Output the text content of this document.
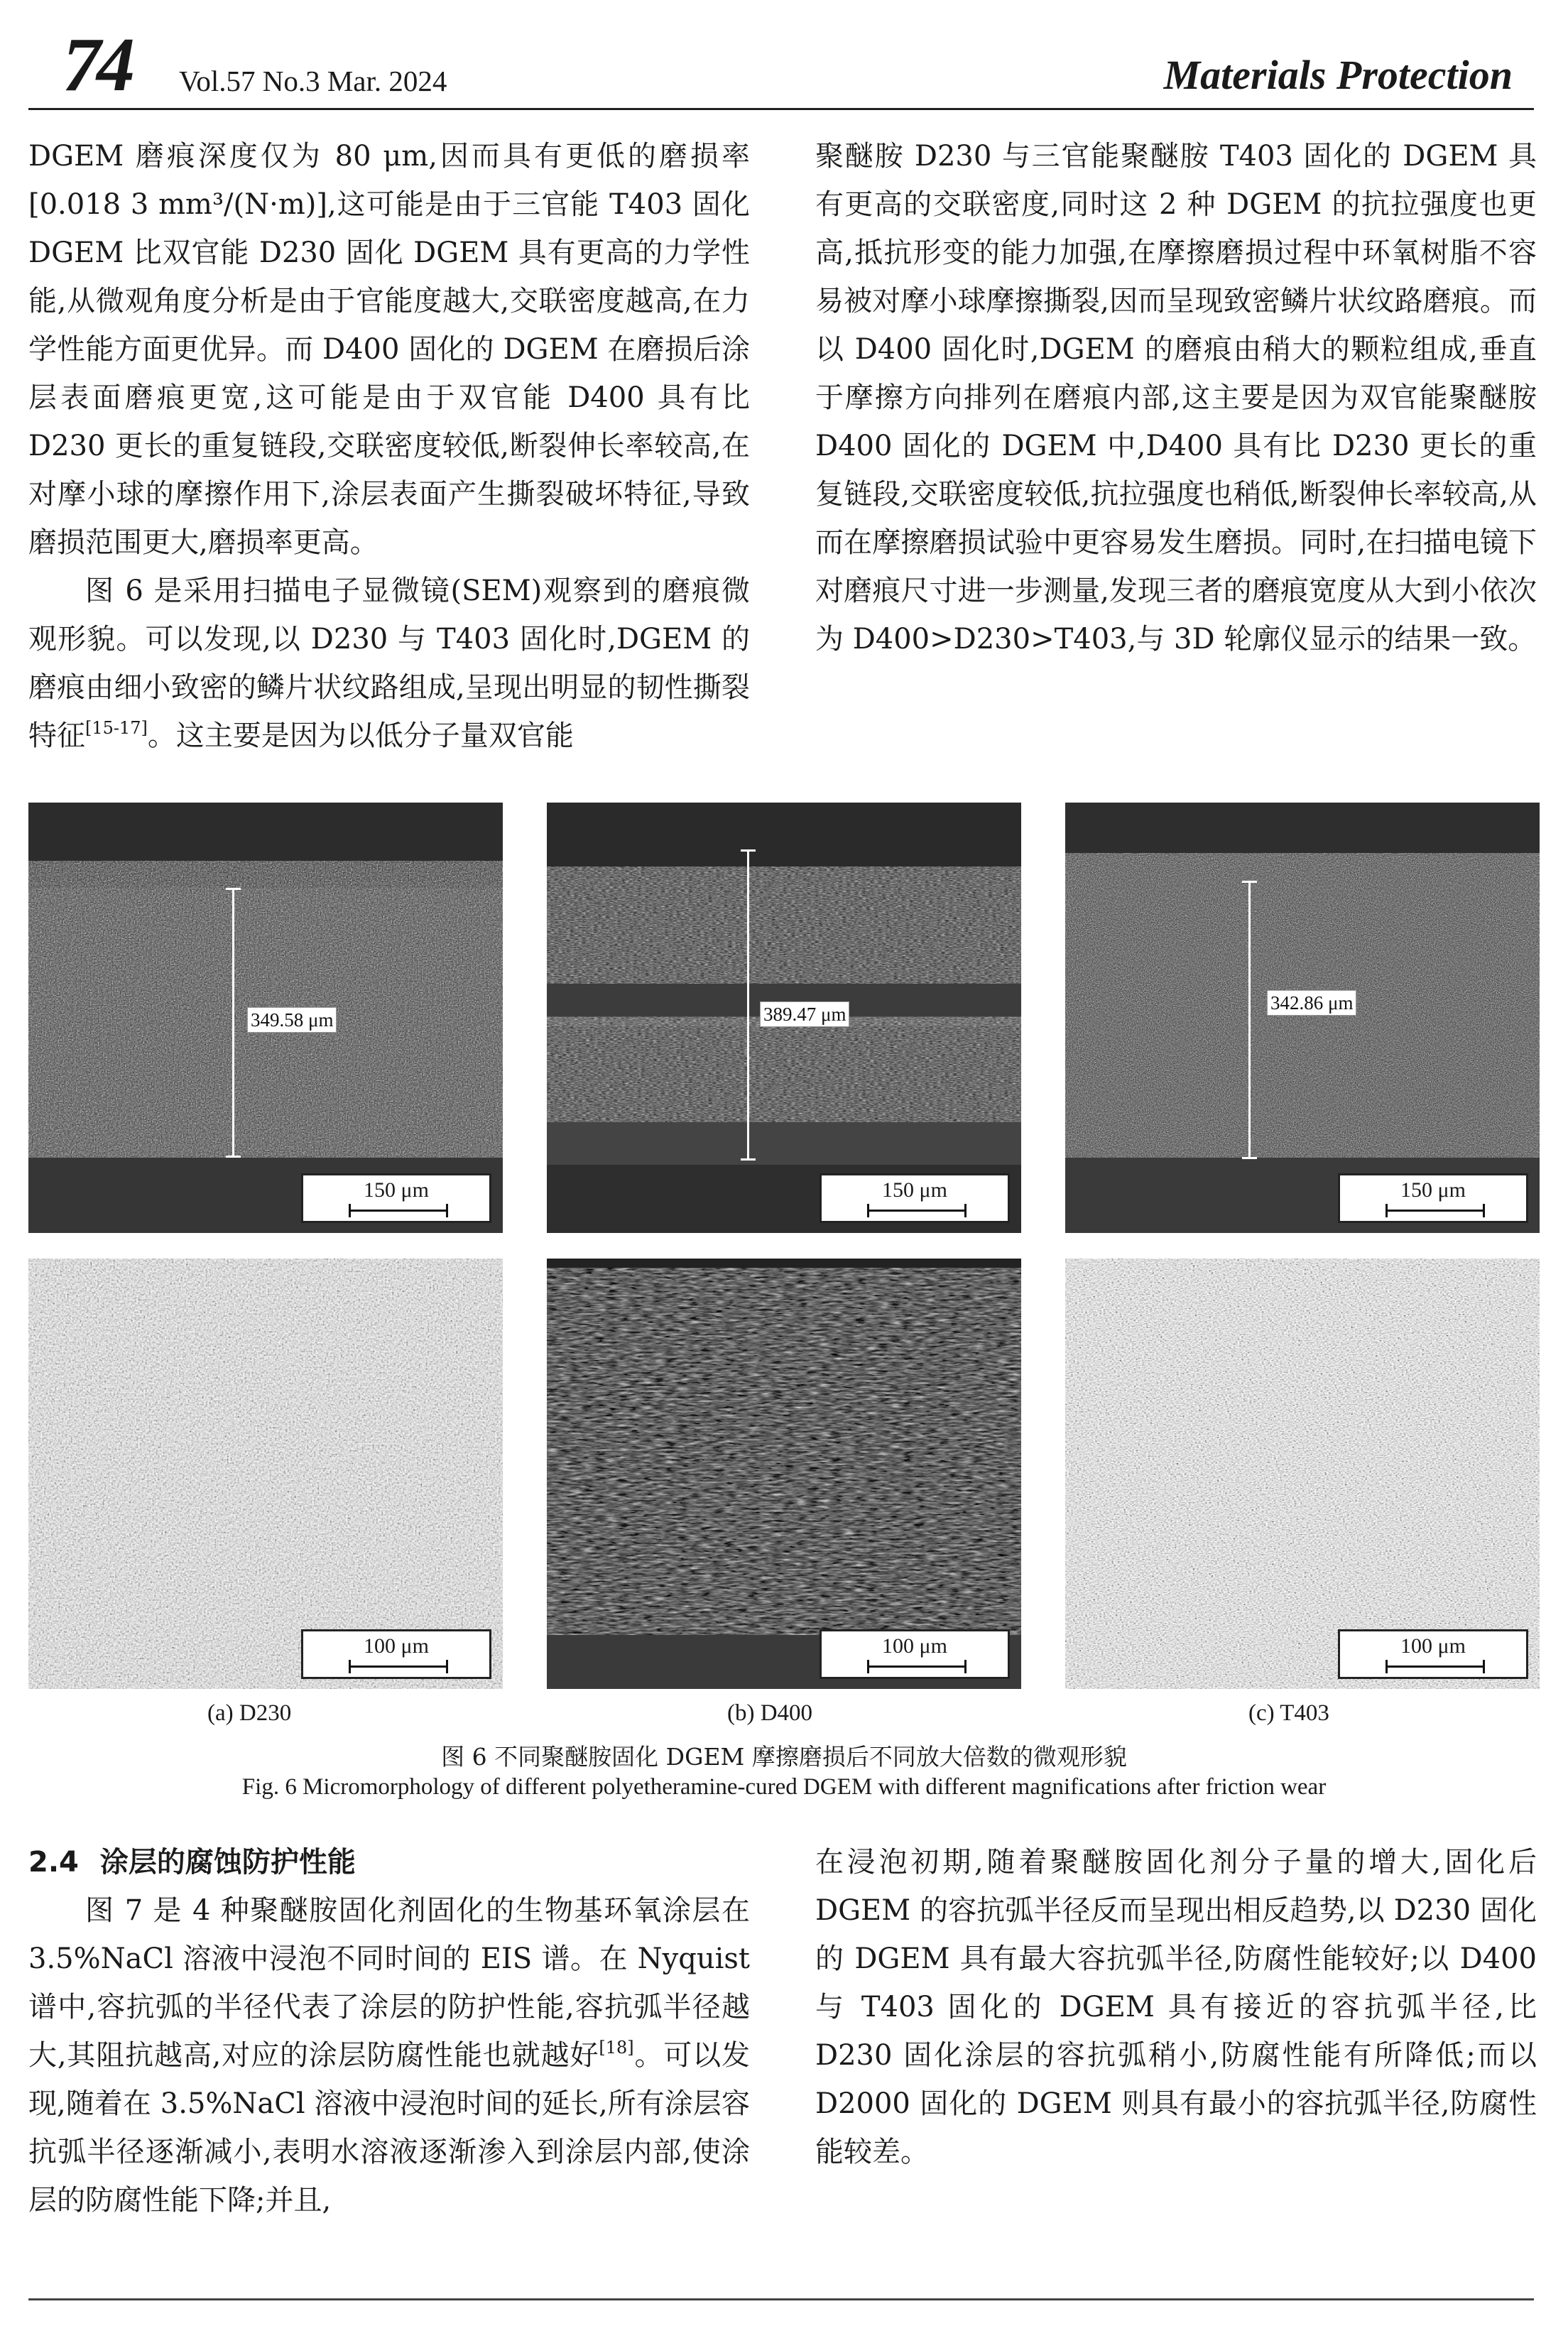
74 Vol.57 No.3 Mar. 2024	Materials Protection

DGEM 磨痕深度仅为 80 μm,因而具有更低的磨损率[0.018 3 mm³/(N·m)],这可能是由于三官能 T403 固化 DGEM 比双官能 D230 固化 DGEM 具有更高的力学性能,从微观角度分析是由于官能度越大,交联密度越高,在力学性能方面更优异。而 D400 固化的 DGEM 在磨损后涂层表面磨痕更宽,这可能是由于双官能 D400 具有比 D230 更长的重复链段,交联密度较低,断裂伸长率较高,在对摩小球的摩擦作用下,涂层表面产生撕裂破坏特征,导致磨损范围更大,磨损率更高。

图 6 是采用扫描电子显微镜(SEM)观察到的磨痕微观形貌。可以发现,以 D230 与 T403 固化时,DGEM 的磨痕由细小致密的鳞片状纹路组成,呈现出明显的韧性撕裂特征[15-17]。这主要是因为以低分子量双官能

聚醚胺 D230 与三官能聚醚胺 T403 固化的 DGEM 具有更高的交联密度,同时这 2 种 DGEM 的抗拉强度也更高,抵抗形变的能力加强,在摩擦磨损过程中环氧树脂不容易被对摩小球摩擦撕裂,因而呈现致密鳞片状纹路磨痕。而以 D400 固化时,DGEM 的磨痕由稍大的颗粒组成,垂直于摩擦方向排列在磨痕内部,这主要是因为双官能聚醚胺 D400 固化的 DGEM 中,D400 具有比 D230 更长的重复链段,交联密度较低,抗拉强度也稍低,断裂伸长率较高,从而在摩擦磨损试验中更容易发生磨损。同时,在扫描电镜下对磨痕尺寸进一步测量,发现三者的磨痕宽度从大到小依次为 D400>D230>T403,与 3D 轮廓仪显示的结果一致。

349.58 μm
150 μm
389.47 μm
150 μm
342.86 μm
150 μm
100 μm	100 μm	100 μm
(a) D230	(b) D400	(c) T403
图 6 不同聚醚胺固化 DGEM 摩擦磨损后不同放大倍数的微观形貌
Fig. 6 Micromorphology of different polyetheramine-cured DGEM with different magnifications after friction wear
2.4 涂层的腐蚀防护性能

图 7 是 4 种聚醚胺固化剂固化的生物基环氧涂层在 3.5%NaCl 溶液中浸泡不同时间的 EIS 谱。在 Nyquist 谱中,容抗弧的半径代表了涂层的防护性能,容抗弧半径越大,其阻抗越高,对应的涂层防腐性能也就越好[18]。可以发现,随着在 3.5%NaCl 溶液中浸泡时间的延长,所有涂层容抗弧半径逐渐减小,表明水溶液逐渐渗入到涂层内部,使涂层的防腐性能下降;并且,

在浸泡初期,随着聚醚胺固化剂分子量的增大,固化后 DGEM 的容抗弧半径反而呈现出相反趋势,以 D230 固化的 DGEM 具有最大容抗弧半径,防腐性能较好;以 D400 与 T403 固化的 DGEM 具有接近的容抗弧半径,比 D230 固化涂层的容抗弧稍小,防腐性能有所降低;而以 D2000 固化的 DGEM 则具有最小的容抗弧半径,防腐性能较差。
